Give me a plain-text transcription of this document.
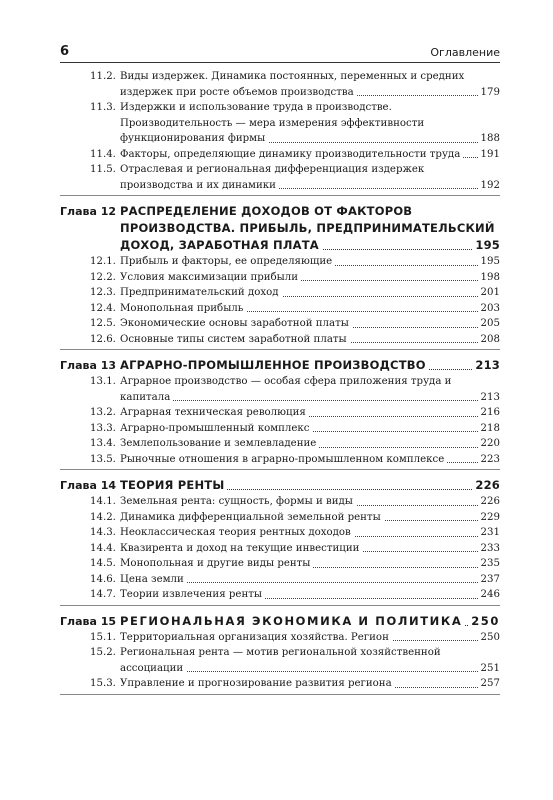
6	Оглавление
11.2. Виды издержек. Динамика постоянных, переменных и средних издержек при росте объемов производства	179
11.3. Издержки и использование труда в производстве. Производительность — мера измерения эффективности функционирования фирмы	188
11.4. Факторы, определяющие динамику производительности труда 191
11.5. Отраслевая и региональная дифференциация издержек производства и их динамики	192
Глава 12 РАСПРЕДЕЛЕНИЕ ДОХОДОВ ОТ ФАКТОРОВ ПРОИЗВОДСТВА. ПРИБЫЛЬ, ПРЕДПРИНИМАТЕЛЬСКИЙ ДОХОД, ЗАРАБОТНАЯ ПЛАТА	195
12.1. Прибыль и факторы, ее определяющие	195
12.2. Условия максимизации прибыли	198
12.3. Предпринимательский доход	201
12.4. Монопольная прибыль	203
12.5. Экономические основы заработной платы	205
12.6. Основные типы систем заработной платы	208
Глава 13 АГРАРНО-ПРОМЫШЛЕННОЕ ПРОИЗВОДСТВО	213
13.1. Аграрное производство — особая сфера приложения труда и капитала	213
13.2. Аграрная техническая революция	216
13.3. Аграрно-промышленный комплекс	218
13.4. Землепользование и землевладение	220
13.5. Рыночные отношения в аграрно-промышленном комплексе	223
Глава 14 ТЕОРИЯ РЕНТЫ	226
14.1. Земельная рента: сущность, формы и виды	226
14.2. Динамика дифференциальной земельной ренты	229
14.3. Неоклассическая теория рентных доходов	231
14.4. Квазирента и доход на текущие инвестиции	233
14.5. Монопольная и другие виды ренты	235
14.6. Цена земли	237
14.7. Теории извлечения ренты	246
Глава 15 РЕГИОНАЛЬНАЯ ЭКОНОМИКА И ПОЛИТИКА 250
15.1. Территориальная организация хозяйства. Регион	250
15.2. Региональная рента — мотив региональной хозяйственной ассоциации	251
15.3. Управление и прогнозирование развития региона	257
